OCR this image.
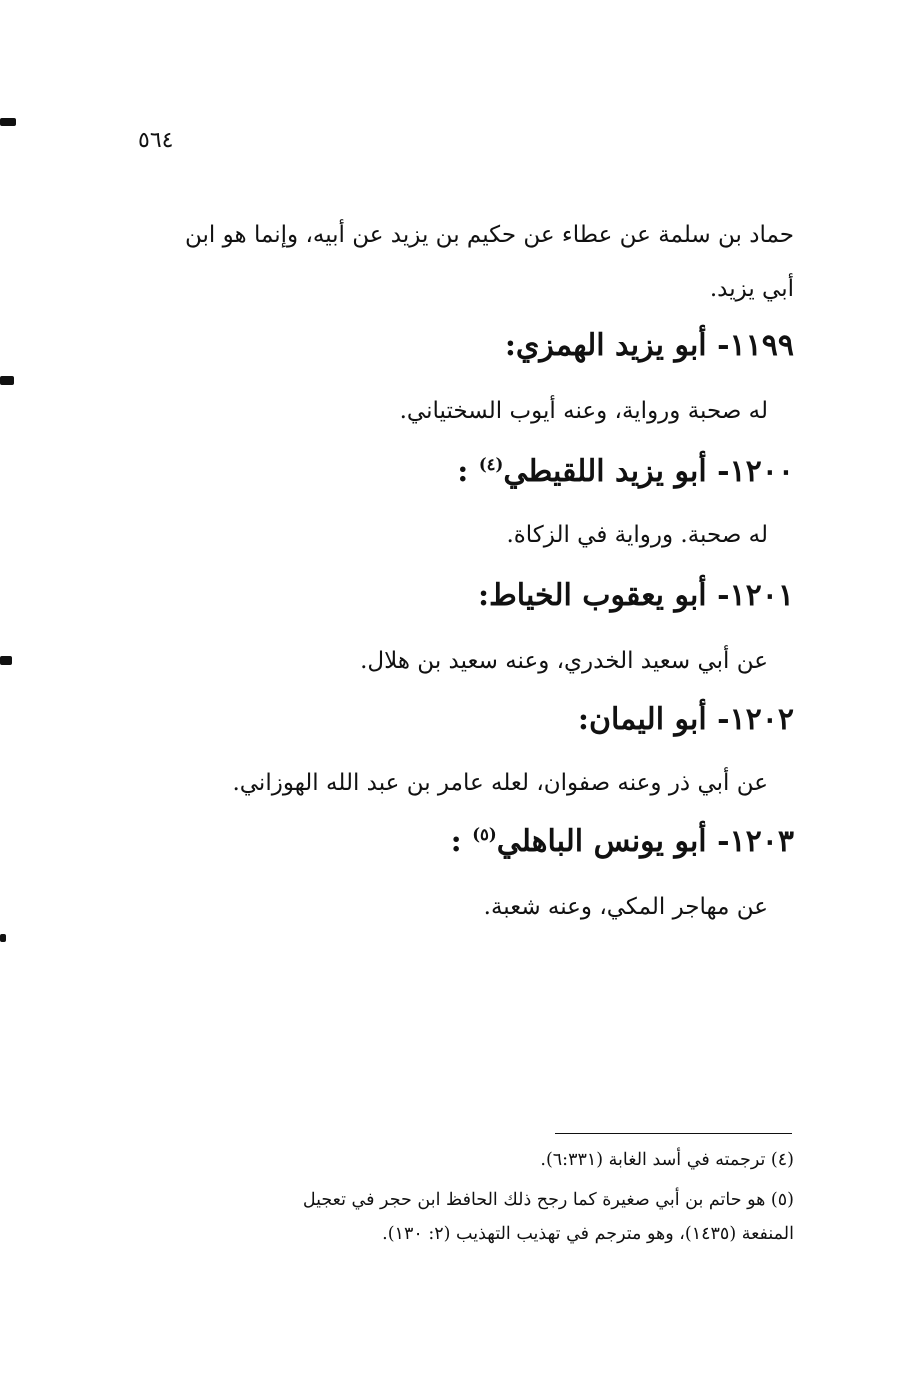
٥٦٤
حماد بن سلمة عن عطاء عن حكيم بن يزيد عن أبيه، وإنما هو ابن
أبي يزيد.
١١٩٩- أبو يزيد الهمزي:
له صحبة ورواية، وعنه أيوب السختياني.
١٢٠٠- أبو يزيد اللقيطي$^{(٤)}$ :
له صحبة. ورواية في الزكاة.
١٢٠١- أبو يعقوب الخياط:
عن أبي سعيد الخدري، وعنه سعيد بن هلال.
١٢٠٢- أبو اليمان:
عن أبي ذر وعنه صفوان، لعله عامر بن عبد الله الهوزاني.
١٢٠٣- أبو يونس الباهلي$^{(٥)}$ :
عن مهاجر المكي، وعنه شعبة.
(٤) ترجمته في أسد الغابة (٦:٣٣١).
(٥) هو حاتم بن أبي صغيرة كما رجح ذلك الحافظ ابن حجر في تعجيل
المنفعة (١٤٣٥)، وهو مترجم في تهذيب التهذيب (٢: ١٣٠).
